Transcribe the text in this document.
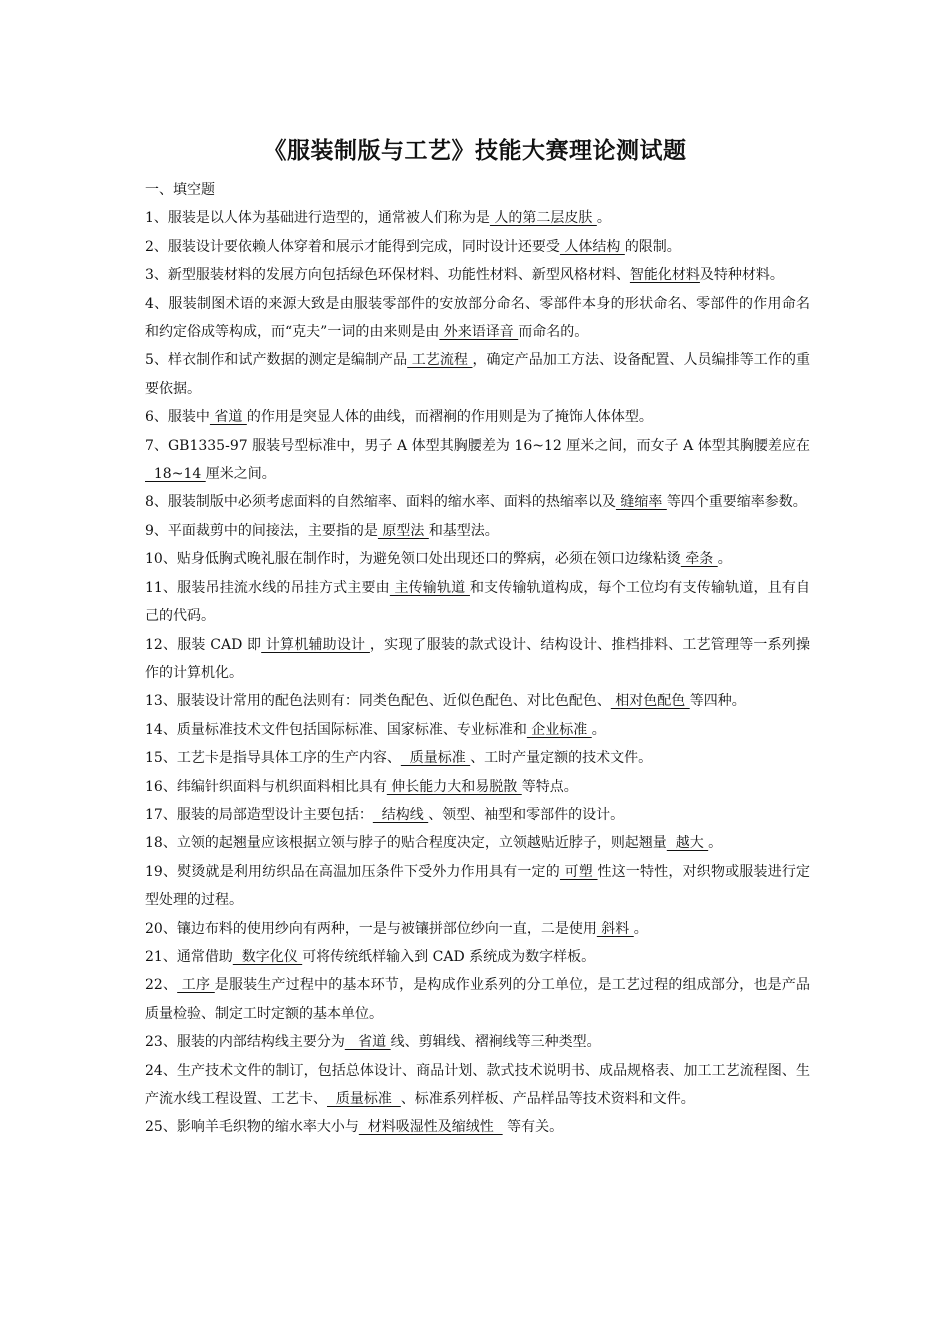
《服装制版与工艺》技能大赛理论测试题

一、填空题

1、服装是以人体为基础进行造型的，通常被人们称为是 人的第二层皮肤 。

2、服装设计要依赖人体穿着和展示才能得到完成，同时设计还要受 人体结构 的限制。

3、新型服装材料的发展方向包括绿色环保材料、功能性材料、新型风格材料、智能化材料及特种材料。

4、服装制图术语的来源大致是由服装零部件的安放部分命名、零部件本身的形状命名、零部件的作用命名和约定俗成等构成，而“克夫”一词的由来则是由 外来语译音 而命名的。

5、样衣制作和试产数据的测定是编制产品 工艺流程 ，确定产品加工方法、设备配置、人员编排等工作的重要依据。

6、服装中 省道 的作用是突显人体的曲线，而褶裥的作用则是为了掩饰人体体型。

7、GB1335-97 服装号型标准中，男子 A 体型其胸腰差为 16~12 厘米之间，而女子 A 体型其胸腰差应在  18~14 厘米之间。

8、服装制版中必须考虑面料的自然缩率、面料的缩水率、面料的热缩率以及 缝缩率 等四个重要缩率参数。

9、平面裁剪中的间接法，主要指的是 原型法 和基型法。

10、贴身低胸式晚礼服在制作时，为避免领口处出现还口的弊病，必须在领口边缘粘烫 牵条 。

11、服装吊挂流水线的吊挂方式主要由 主传输轨道 和支传输轨道构成，每个工位均有支传输轨道，且有自己的代码。

12、服装 CAD 即 计算机辅助设计 ，实现了服装的款式设计、结构设计、推档排料、工艺管理等一系列操作的计算机化。

13、服装设计常用的配色法则有：同类色配色、近似色配色、对比色配色、 相对色配色 等四种。

14、质量标准技术文件包括国际标准、国家标准、专业标准和 企业标准 。

15、工艺卡是指导具体工序的生产内容、  质量标准 、工时产量定额的技术文件。

16、纬编针织面料与机织面料相比具有 伸长能力大和易脱散 等特点。

17、服装的局部造型设计主要包括：  结构线 、领型、袖型和零部件的设计。

18、立领的起翘量应该根据立领与脖子的贴合程度决定，立领越贴近脖子，则起翘量  越大 。

19、熨烫就是利用纺织品在高温加压条件下受外力作用具有一定的 可塑 性这一特性，对织物或服装进行定型处理的过程。

20、镶边布料的使用纱向有两种，一是与被镶拼部位纱向一直，二是使用 斜料 。

21、通常借助  数字化仪 可将传统纸样输入到 CAD 系统成为数字样板。

22、 工序 是服装生产过程中的基本环节，是构成作业系列的分工单位，是工艺过程的组成部分，也是产品质量检验、制定工时定额的基本单位。

23、服装的内部结构线主要分为   省道 线、剪辑线、褶裥线等三种类型。

24、生产技术文件的制订，包括总体设计、商品计划、款式技术说明书、成品规格表、加工工艺流程图、生产流水线工程设置、工艺卡、  质量标准  、标准系列样板、产品样品等技术资料和文件。

25、影响羊毛织物的缩水率大小与  材料吸湿性及缩绒性   等有关。
